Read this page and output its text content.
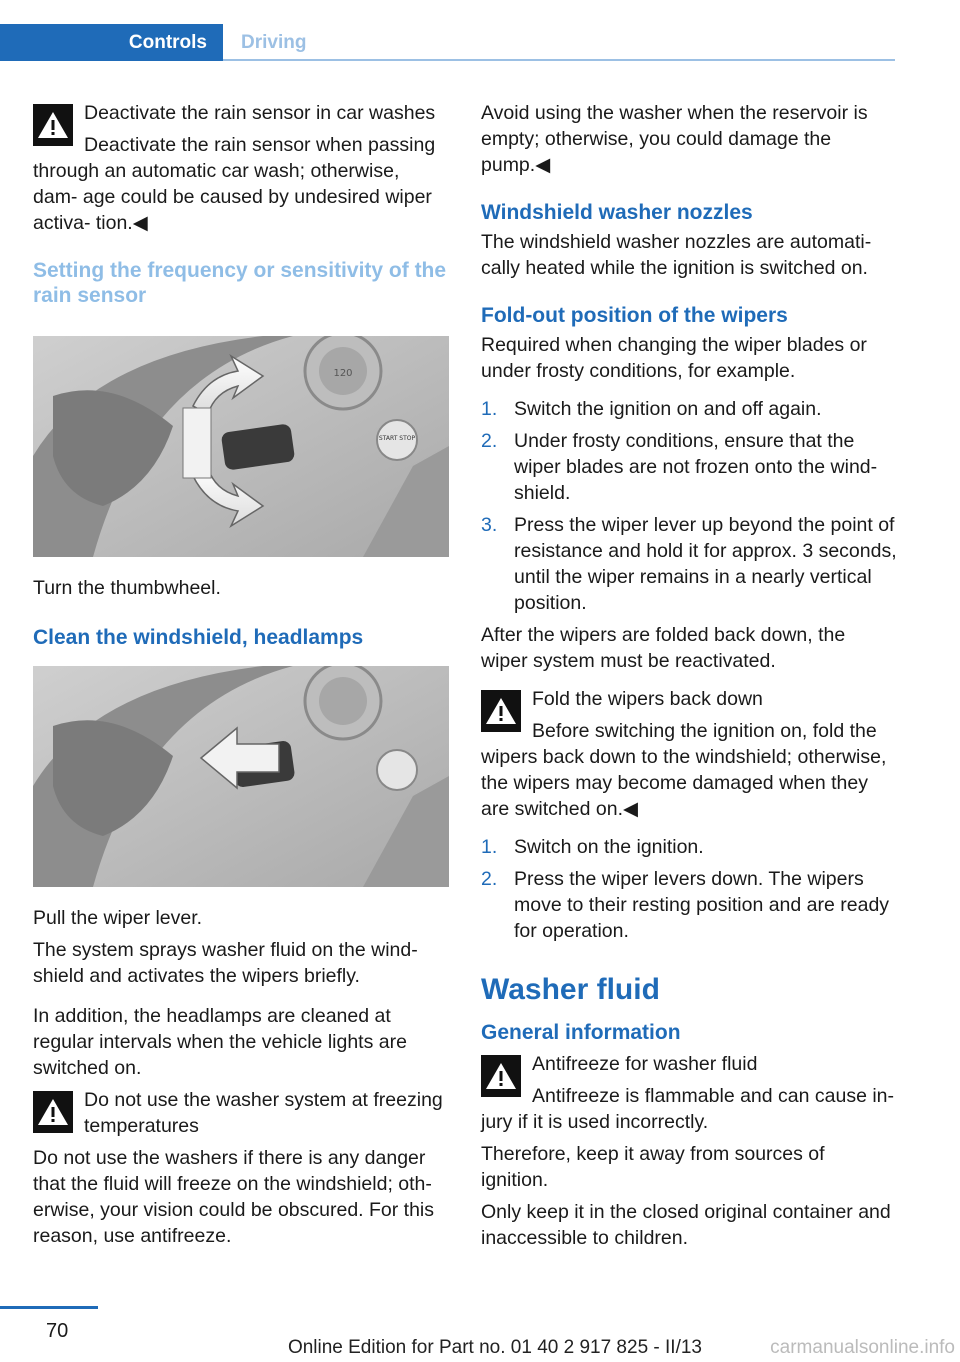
Controls	Driving
Deactivate the rain sensor in car washes
Deactivate the rain sensor when passing
through an automatic car wash; otherwise, dam‐ age could be caused by undesired wiper activa‐ tion.◀
Setting the frequency or sensitivity of the rain sensor
120
START STOP

Turn the thumbwheel.

Clean the windshield, headlamps

Pull the wiper lever.

The system sprays washer fluid on the wind‐ shield and activates the wipers briefly.

In addition, the headlamps are cleaned at regular intervals when the vehicle lights are switched on.

Do not use the washer system at freezing
temperatures
Do not use the washers if there is any danger that the fluid will freeze on the windshield; oth‐ erwise, your vision could be obscured. For this reason, use antifreeze.

Avoid using the washer when the reservoir is empty; otherwise, you could damage the pump.◀

Windshield washer nozzles

The windshield washer nozzles are automati‐ cally heated while the ignition is switched on.

Fold-out position of the wipers

Required when changing the wiper blades or under frosty conditions, for example.

1. Switch the ignition on and off again.
2. Under frosty conditions, ensure that the wiper blades are not frozen onto the wind‐ shield.
3. Press the wiper lever up beyond the point of resistance and hold it for approx. 3 seconds, until the wiper remains in a nearly vertical position.

After the wipers are folded back down, the wiper system must be reactivated.

Fold the wipers back down
Before switching the ignition on, fold the
wipers back down to the windshield; otherwise, the wipers may become damaged when they are switched on.◀
1. Switch on the ignition.
2. Press the wiper levers down. The wipers move to their resting position and are ready for operation.
Washer fluid
General information
Antifreeze for washer fluid
Antifreeze is flammable and can cause in‐
jury if it is used incorrectly.

Therefore, keep it away from sources of ignition.

Only keep it in the closed original container and inaccessible to children.

70
Online Edition for Part no. 01 40 2 917 825 - II/13	carmanualsonline.info
